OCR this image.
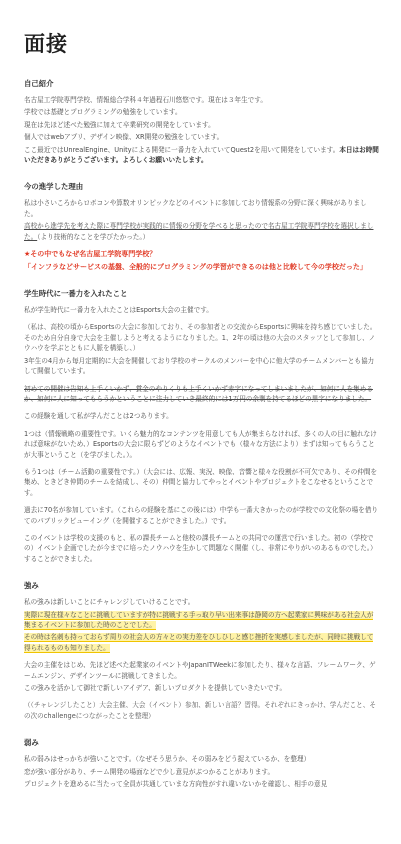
面接
自己紹介

名古屋工学院専門学校、情報総合学科４年過程石川悠悠です。現在は３年生です。

学校では基礎とプログラミングの勉強をしています。

現在は先ほど述べた勉強に加えて卒業研究の開発をしています。

個人ではwebアプリ、デザイン映像、XR開発の勉強をしています。

ここ最近ではUnrealEngine、Unityによる開発に一番力を入れていてQuest2を用いて開発をしています。本日はお時間いただきありがとうございます。よろしくお願いいたします。

今の進学した理由

私は小さいころからロボコンや算数オリンピックなどのイベントに参加しており情報系の分野に深く興味がありました。

高校から進学先を考えた際に専門学校が実践的に情報の分野を学べると思ったので名古屋工学院専門学校を選択しました。（より技術的なことを学びたかった。）

★その中でもなぜ名古屋工学院専門学校？

「インフラなどサービスの基盤、全般的にプログラミングの学習ができるのは他と比較して今の学校だった」

学生時代に一番力を入れたこと

私が学生時代に一番力を入れたことはEsports大会の主催です。

（私は、高校の頃からEsportsの大会に参加しており、その参加者との交流からEsportsに興味を持ち感じていました。そのため自分自身で大会を主催しようと考えるようになりました。1、2年の頃は他の大会のスタッフとして参加し、ノウハウを学ぶとともに人脈を構築し、）

3年生の4月から毎月定期的に大会を開催しており学校のサークルのメンバーを中心に他大学のチームメンバーとも協力して開催しています。

初めての開催は告知も上手くいかず、賞金のやりくりも上手くいかず赤字になってしまいましたが、如何に人を集めるか、如何に人に知ってもらうかということに注力していき最終的には1万円の余剰を持てるほどの黒字になりました。

この経験を通して私が学んだことは2つあります。

1つは（情報戦略の重要性です。いくら魅力的なコンテンツを用意しても人が集まらなければ、多くの人の目に触れなければ意味がないため、）Esportsの大会に限らずどのようなイベントでも（様々な方法により）まずは知ってもらうことが大事ということ（を学びました。）。

もう1つは（チーム活動の重要性です。）（大会には、広報、実況、映像、音響と様々な役割が不可欠であり、その仲間を集め、ときどき仲間のチームを結成し、その）仲間と協力してやっとイベントやプロジェクトをこなせるということです。

過去に70名が参加しています。（これらの経験を基にこの後には）中学も一番大きかったのが学校での文化祭の場を借りてのパブリックビューイング（を開催することができました。）です。

このイベントは学校の支援のもと、私の課長チームと他校の課長チームとの共同での運営で行いました。初の（学校での）イベント企画でしたが今までに培ったノウハウを生かして問題なく開催（し、非常にやりがいのあるものでした。）することができました。

強み

私の強みは新しいことにチャレンジしていけることです。

実際に現在様々なことに挑戦していますが特に挑戦する手っ取り早い出来事は静岡の方へ起業家に興味がある社会人が集まるイベントに参加した時のことでした。

その時は名刺も持っておらず周りの社会人の方々との実力差をひしひしと感じ挫折を実感しましたが、同時に挑戦して得られるものも知りました。

大会の主催をはじめ、先ほど述べた起業家のイベントやJapanITWeekに参加したり、様々な言語、フレームワーク、ゲームエンジン、デザインツールに挑戦してきました。

この強みを活かして御社で新しいアイデア、新しいプロダクトを提供していきたいです。

（（チャレンジしたこと）大会主催、大会（イベント）参加、新しい言語？習得。それぞれにきっかけ、学んだこと、その次のchallengeにつながったことを整理）

弱み

私の弱みはせっかちが強いことです。（なぜそう思うか、その弱みをどう捉えているか、を整理）

恋が強い部分があり、チーム開発の場面などで少し意見がぶつかることがあります。

プロジェクトを進めるに当たって全員が共通していまな方向性がすれ違いないかを確認し、相手の意見
